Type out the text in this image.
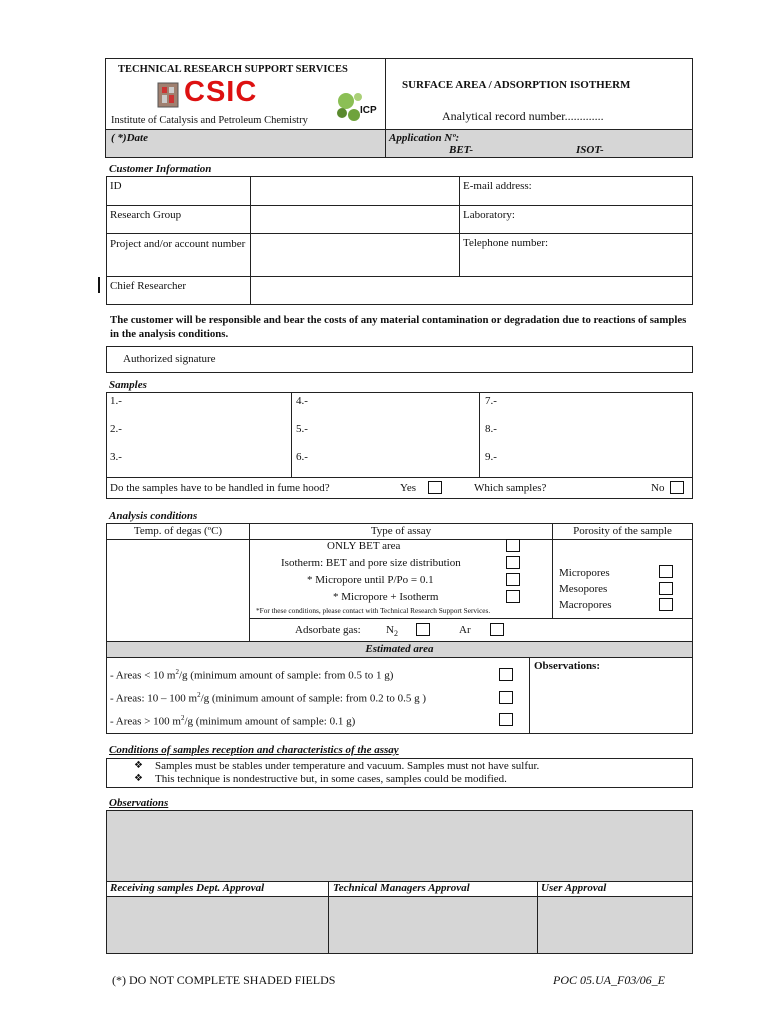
TECHNICAL RESEARCH SUPPORT SERVICES
CSIC
Institute of Catalysis and Petroleum Chemistry
ICP
SURFACE AREA / ADSORPTION ISOTHERM
Analytical record number.............
( *)Date	Application Nº:
BET-	ISOT-
Customer Information
ID		E-mail address:
Research Group		Laboratory:
Project and/or account number		Telephone number:
Chief Researcher		
The customer will be responsible and bear the costs of any material contamination or degradation due to reactions of samples in the analysis conditions.
Authorized signature
Samples
1.-	4.-	7.-
2.-	5.-	8.-
3.-	6.-	9.-
Do the samples have to be handled in fume hood?	Yes	Which samples?	No
Analysis conditions
Temp. of degas (ºC)	Type of assay	Porosity of the sample
ONLY BET area
Isotherm: BET and pore size distribution
* Micropore until P/Po = 0.1
* Micropore + Isotherm
*For these conditions, please contact with Technical Research Support Services.
Micropores
Mesopores
Macropores
Adsorbate gas: $N_2$	Ar
Estimated area
Observations:
- Areas < 10 $m^2/g$ (minimum amount of sample: from 0.5 to 1 g)
- Areas: 10 – 100 $m^2/g$ (minimum amount of sample: from 0.2 to 0.5 g )
- Areas > 100 $m^2/g$ (minimum amount of sample: 0.1 g)
Conditions of samples reception and characteristics of the assay
❖ Samples must be stables under temperature and vacuum. Samples must not have sulfur.
❖ This technique is nondestructive but, in some cases, samples could be modified.
Observations
Receiving samples Dept. Approval	Technical Managers Approval	User Approval
(*) DO NOT COMPLETE SHADED FIELDS	POC 05.UA_F03/06_E
